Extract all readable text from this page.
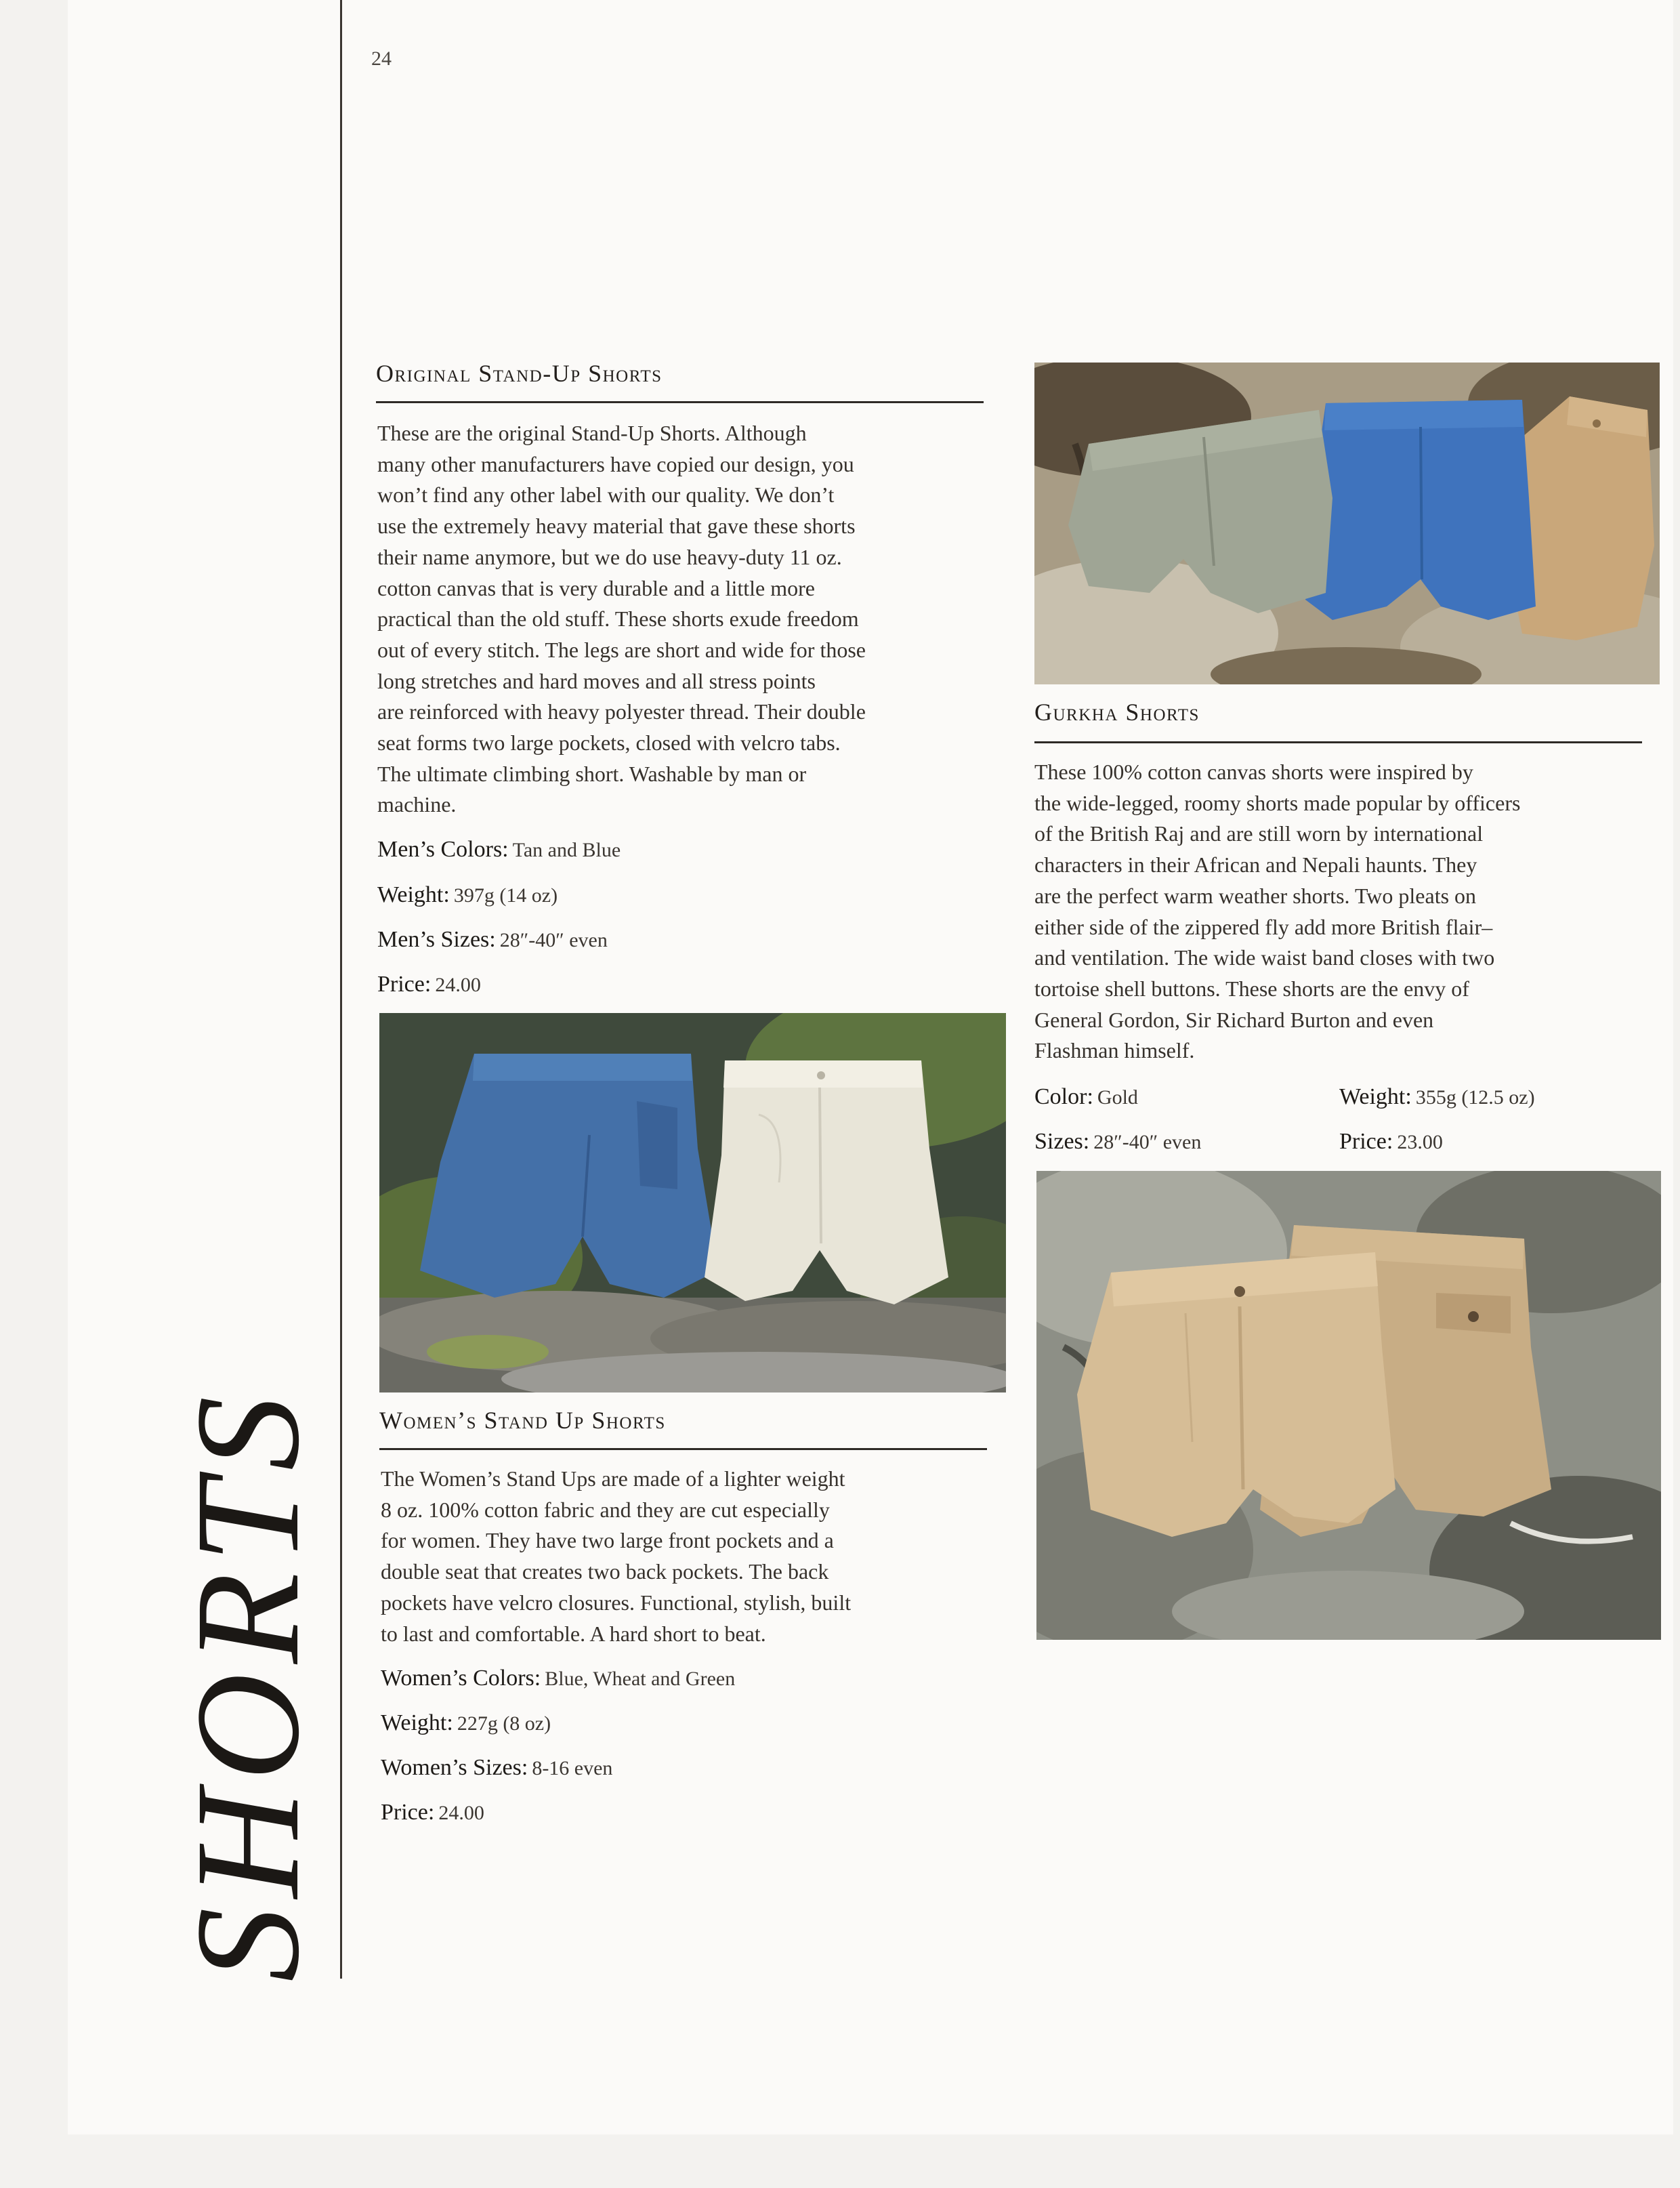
24
SHORTS
Original Stand-Up Shorts
These are the original Stand-Up Shorts. Although
many other manufacturers have copied our design, you
won’t find any other label with our quality. We don’t
use the extremely heavy material that gave these shorts
their name anymore, but we do use heavy-duty 11 oz.
cotton canvas that is very durable and a little more
practical than the old stuff. These shorts exude freedom
out of every stitch. The legs are short and wide for those
long stretches and hard moves and all stress points
are reinforced with heavy polyester thread. Their double
seat forms two large pockets, closed with velcro tabs.
The ultimate climbing short. Washable by man or
machine.
Men’s Colors: Tan and Blue
Weight: 397g (14 oz)
Men’s Sizes: 28″-40″ even
Price: 24.00
Women’s Stand Up Shorts
The Women’s Stand Ups are made of a lighter weight
8 oz. 100% cotton fabric and they are cut especially
for women. They have two large front pockets and a
double seat that creates two back pockets. The back
pockets have velcro closures. Functional, stylish, built
to last and comfortable. A hard short to beat.
Women’s Colors: Blue, Wheat and Green
Weight: 227g (8 oz)
Women’s Sizes: 8-16 even
Price: 24.00
Gurkha Shorts
These 100% cotton canvas shorts were inspired by
the wide-legged, roomy shorts made popular by officers
of the British Raj and are still worn by international
characters in their African and Nepali haunts. They
are the perfect warm weather shorts. Two pleats on
either side of the zippered fly add more British flair–
and ventilation. The wide waist band closes with two
tortoise shell buttons. These shorts are the envy of
General Gordon, Sir Richard Burton and even
Flashman himself.
Color: Gold	Weight: 355g (12.5 oz)
Sizes: 28″-40″ even	Price: 23.00
